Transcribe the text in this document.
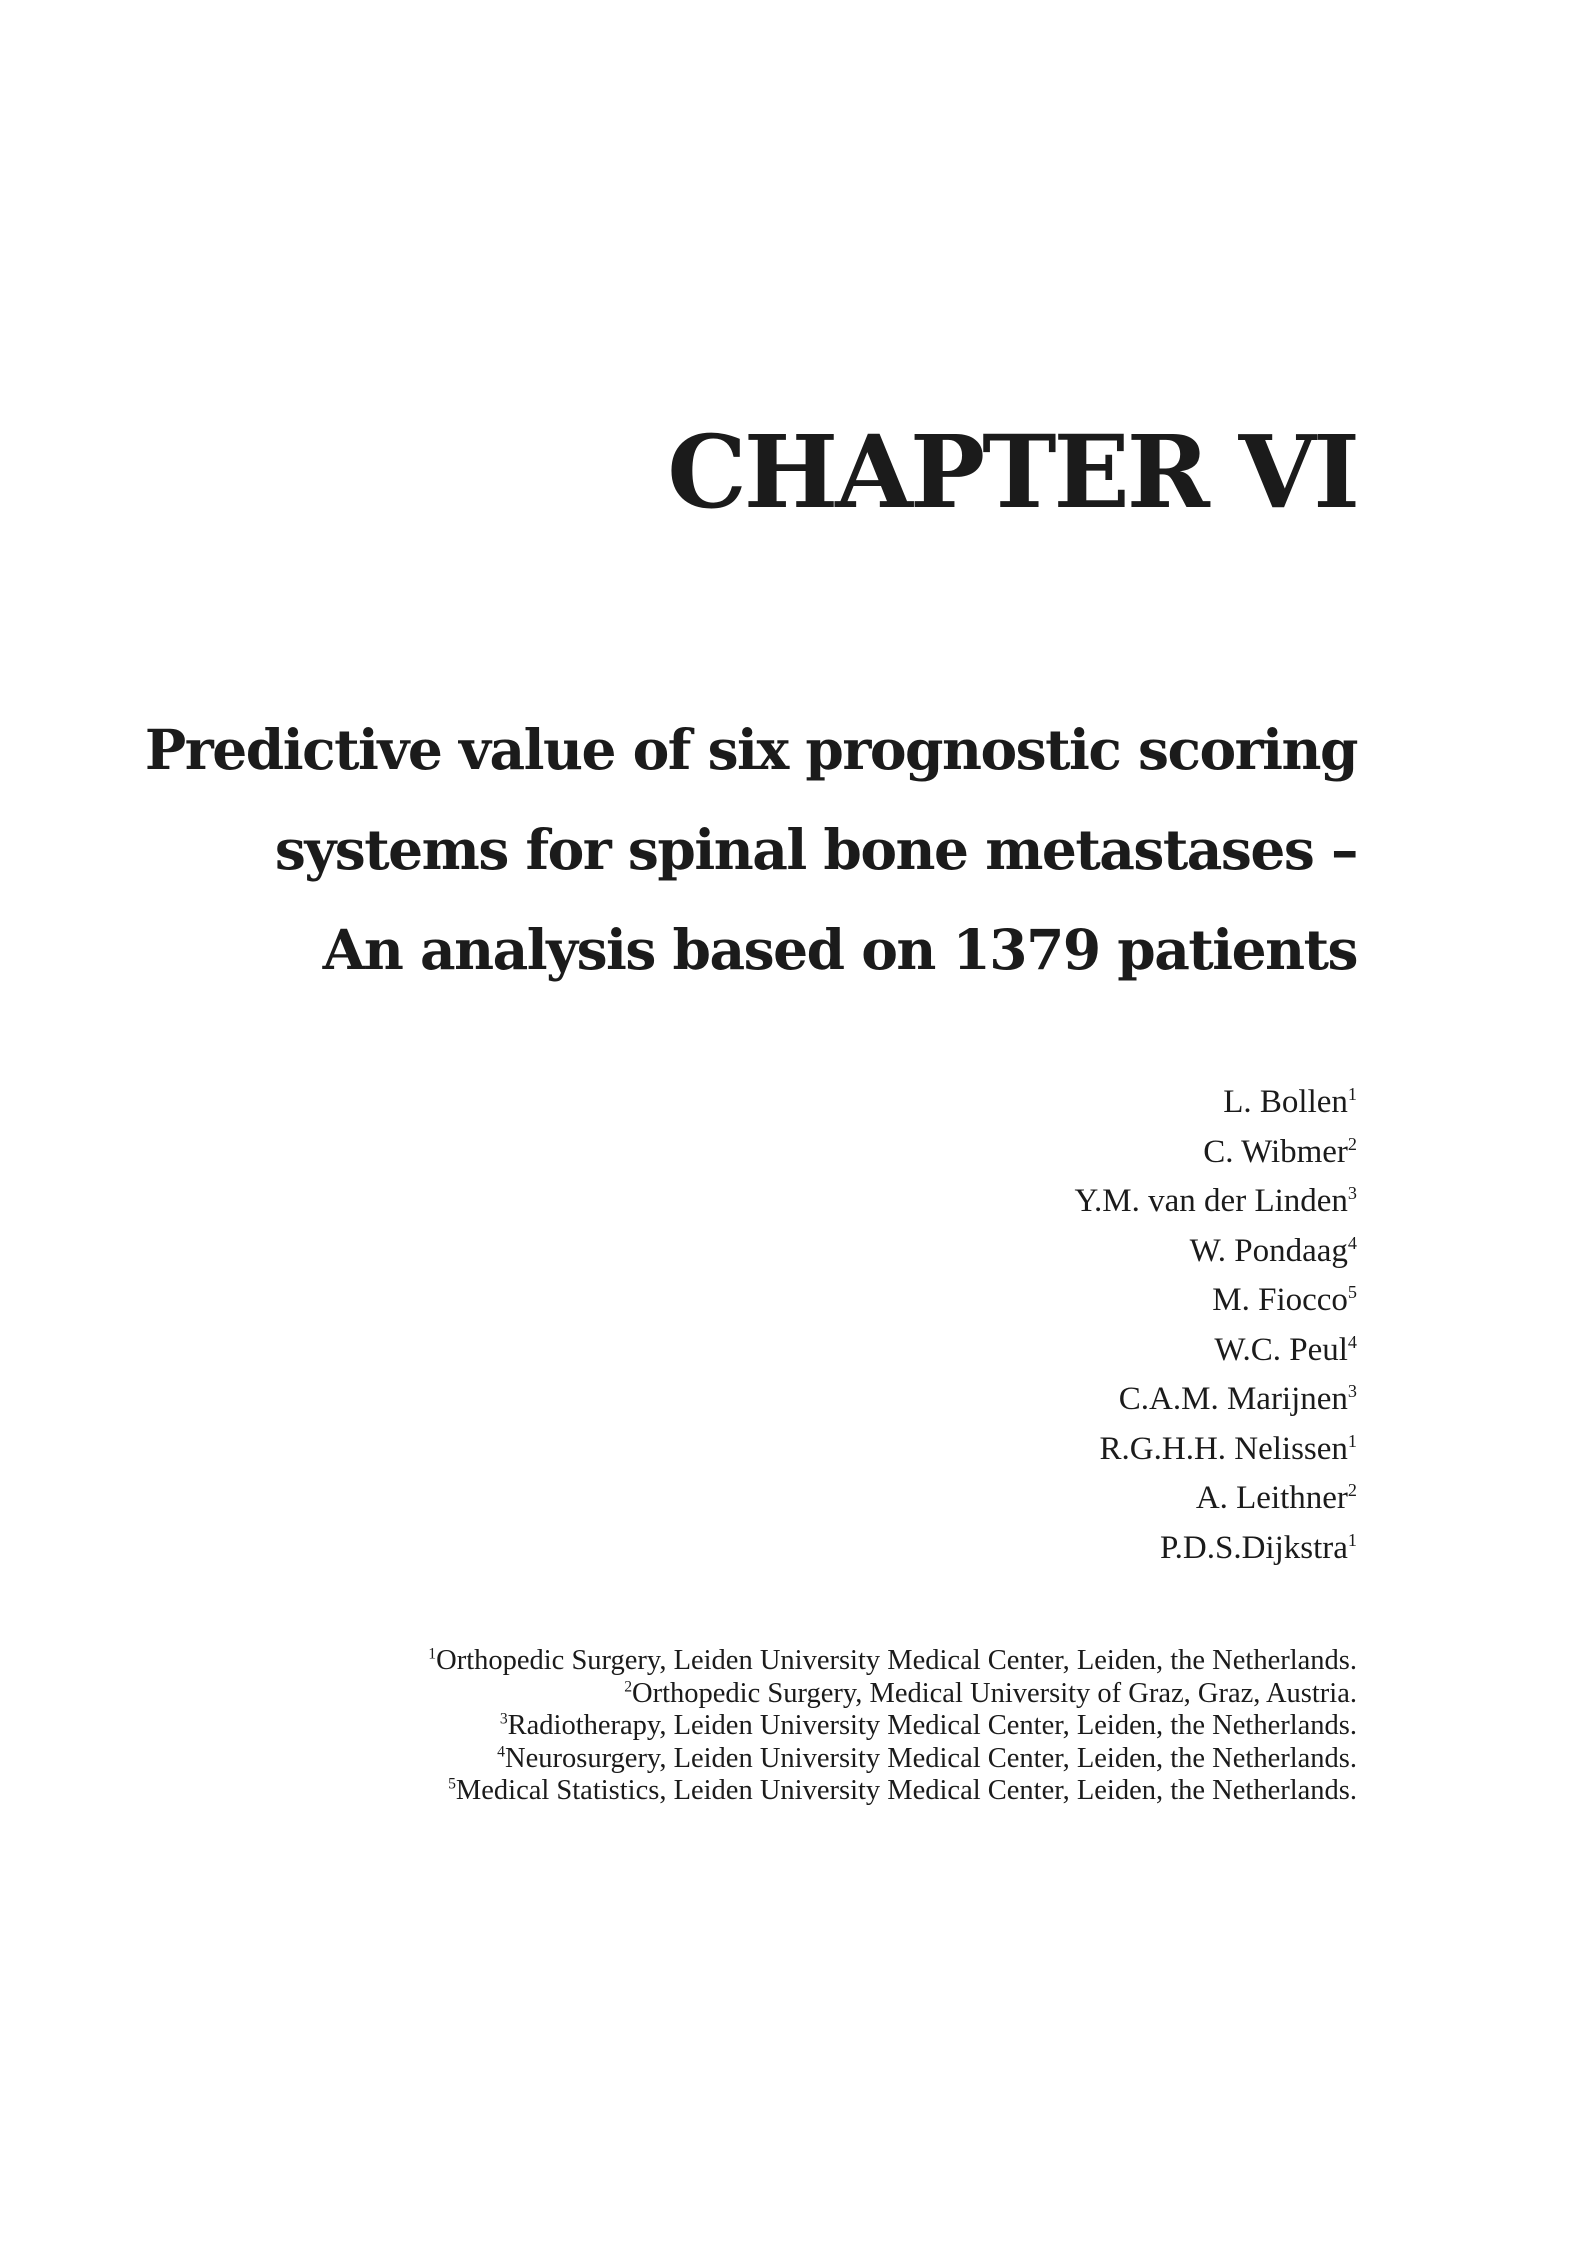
CHAPTER VI
Predictive value of six prognostic scoring
systems for spinal bone metastases –
An analysis based on 1379 patients
L. Bollen$^1$
C. Wibmer$^2$
Y.M. van der Linden$^3$
W. Pondaag$^4$
M. Fiocco$^5$
W.C. Peul$^4$
C.A.M. Marijnen$^3$
R.G.H.H. Nelissen$^1$
A. Leithner$^2$
P.D.S.Dijkstra$^1$
$^1$Orthopedic Surgery, Leiden University Medical Center, Leiden, the Netherlands.
$^2$Orthopedic Surgery, Medical University of Graz, Graz, Austria.
$^3$Radiotherapy, Leiden University Medical Center, Leiden, the Netherlands.
$^4$Neurosurgery, Leiden University Medical Center, Leiden, the Netherlands.
$^5$Medical Statistics, Leiden University Medical Center, Leiden, the Netherlands.
